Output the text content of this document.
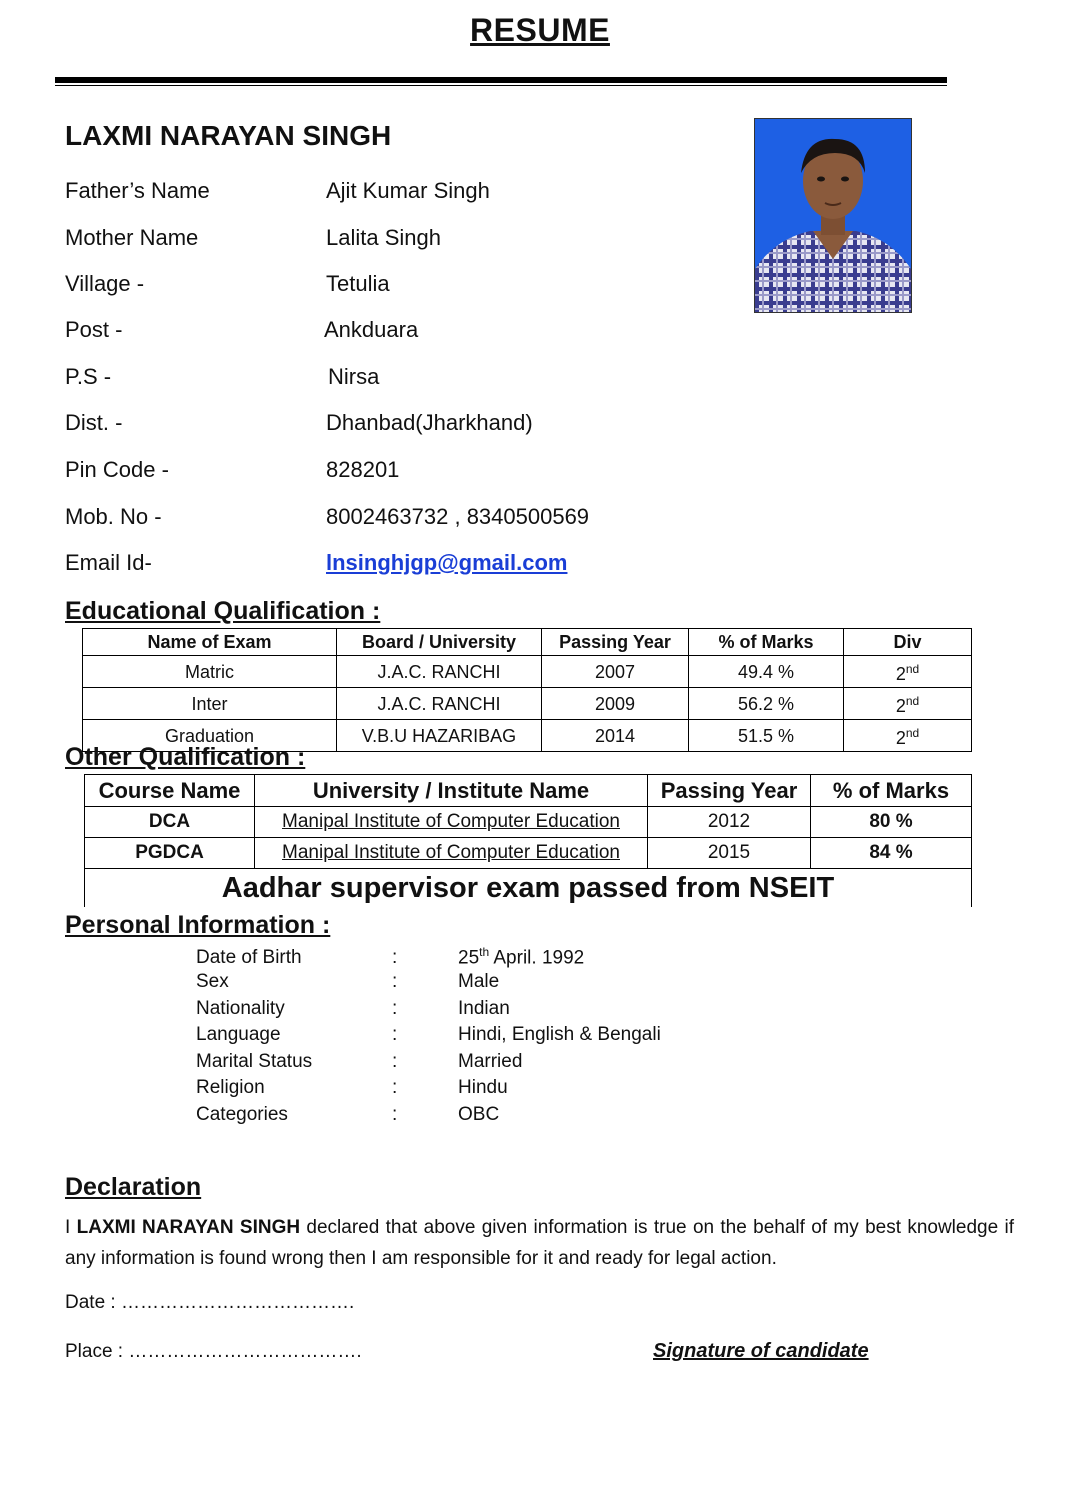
RESUME
LAXMI NARAYAN SINGH
Father’s Name	Ajit Kumar Singh
Mother Name	Lalita Singh
Village -	Tetulia
Post -	Ankduara
P.S -	Nirsa
Dist. -	Dhanbad(Jharkhand)
Pin Code -	828201
Mob. No -	8002463732 , 8340500569
Email Id-	lnsinghjgp@gmail.com
Educational Qualification :
Name of Exam	Board / University	Passing Year	% of Marks	Div
Matric	J.A.C. RANCHI	2007	49.4 %	2nd
Inter	J.A.C. RANCHI	2009	56.2 %	2nd
Graduation	V.B.U HAZARIBAG	2014	51.5 %	2nd
Other Qualification :
Course Name	University / Institute Name	Passing Year	% of Marks
DCA	Manipal Institute of Computer Education	2012	80 %
PGDCA	Manipal Institute of Computer Education	2015	84 %
Aadhar supervisor exam passed from NSEIT			
Personal Information :
Date of Birth	:	25th April. 1992
Sex	:	Male
Nationality	:	Indian
Language	:	Hindi, English & Bengali
Marital Status	:	Married
Religion	:	Hindu
Categories	:	OBC
Declaration
I LAXMI NARAYAN SINGH declared that above given information is true on the behalf of my best knowledge if any information is found wrong then I am responsible for it and ready for legal action.
Date : ……………………………….
Place : ……………………………….	Signature of candidate
